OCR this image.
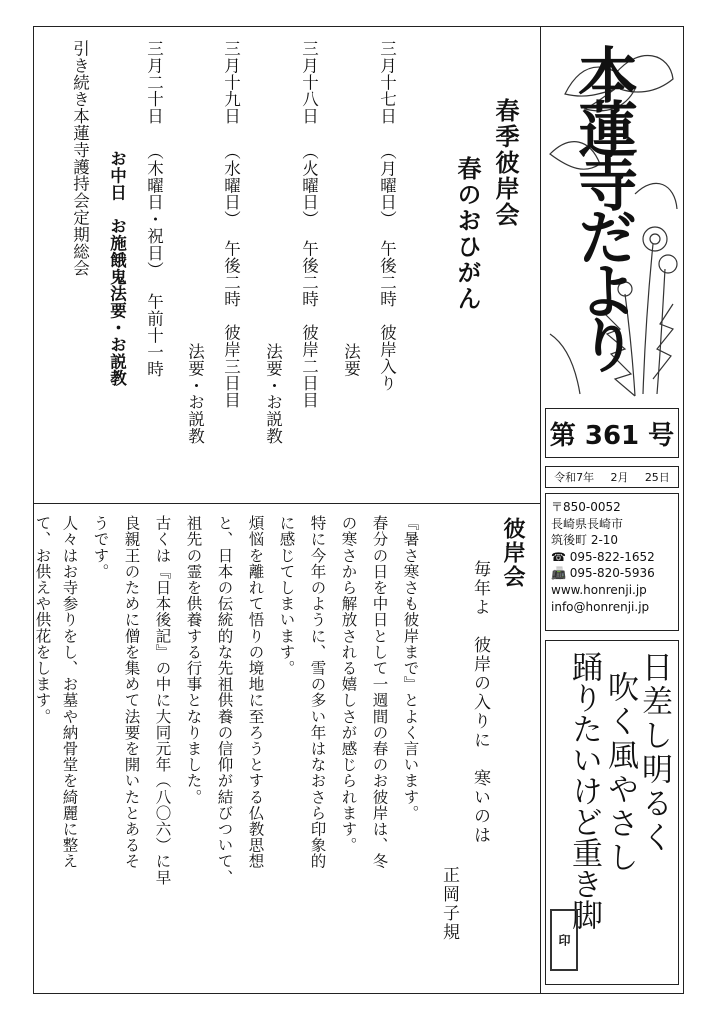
春季彼岸会
春のおひがん
三月十七日
（月曜日）
午後二時
彼岸入り
法要
三月十八日
（火曜日）
午後二時
彼岸二日目
法要・お説教
三月十九日
（水曜日）
午後二時
彼岸三日目
法要・お説教
三月二十日
（木曜日・祝日）
午前十一時
お中日　お施餓鬼法要・お説教
引き続き本蓮寺護持会定期総会
彼岸会
毎年よ　彼岸の入りに　寒いのは
正岡子規
『暑さ寒さも彼岸まで』とよく言います。
春分の日を中日として一週間の春のお彼岸は、冬
の寒さから解放される嬉しさが感じられます。
特に今年のように、雪の多い年はなおさら印象的
に感じてしまいます。
煩悩を離れて悟りの境地に至ろうとする仏教思想
と、日本の伝統的な先祖供養の信仰が結びついて、
祖先の霊を供養する行事となりました。
古くは『日本後記』の中に大同元年（八〇六）に早
良親王のために僧を集めて法要を開いたとあるそ
うです。
人々はお寺参りをし、お墓や納骨堂を綺麗に整え
て、お供えや供花をします。
本蓮寺だより
第 361 号
令和7年 2月 25日
〒850-0052
長崎県長崎市
筑後町 2-10
☎ 095-822-1652
📠 095-820-5936
www.honrenji.jp
info@honrenji.jp
日差し明るく
吹く風やさし
踊りたいけど重き脚
印
